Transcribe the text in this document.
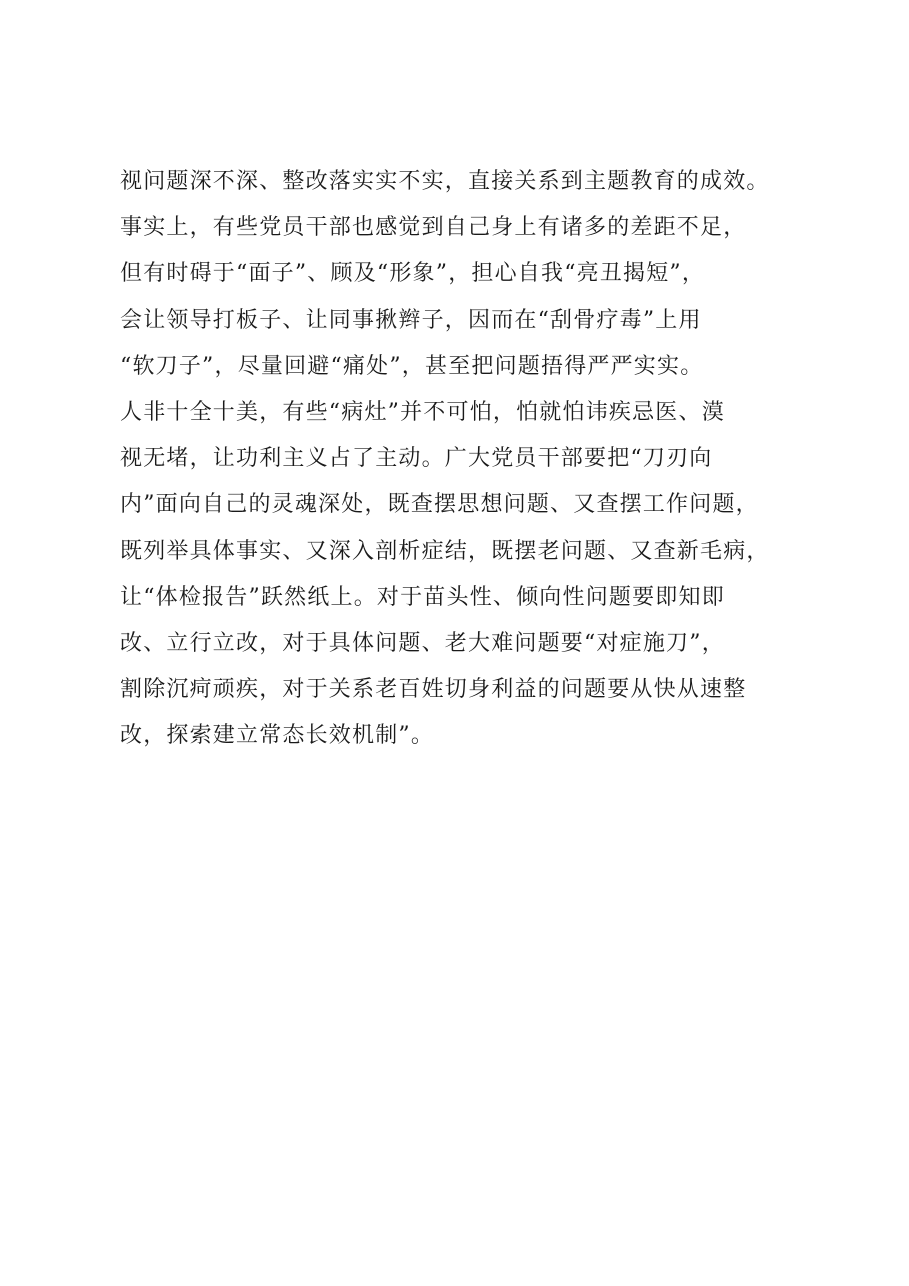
视问题深不深、整改落实实不实，直接关系到主题教育的成效。
事实上，有些党员干部也感觉到自己身上有诸多的差距不足，
但有时碍于“面子”、顾及“形象”，担心自我“亮丑揭短”，
会让领导打板子、让同事揪辫子，因而在“刮骨疗毒”上用
“软刀子”，尽量回避“痛处”，甚至把问题捂得严严实实。
人非十全十美，有些“病灶”并不可怕，怕就怕讳疾忌医、漠
视无堵，让功利主义占了主动。广大党员干部要把“刀刃向
内”面向自己的灵魂深处，既查摆思想问题、又查摆工作问题，
既列举具体事实、又深入剖析症结，既摆老问题、又查新毛病，
让“体检报告”跃然纸上。对于苗头性、倾向性问题要即知即
改、立行立改，对于具体问题、老大难问题要“对症施刀”，
割除沉疴顽疾，对于关系老百姓切身利益的问题要从快从速整
改，探索建立常态长效机制”。
